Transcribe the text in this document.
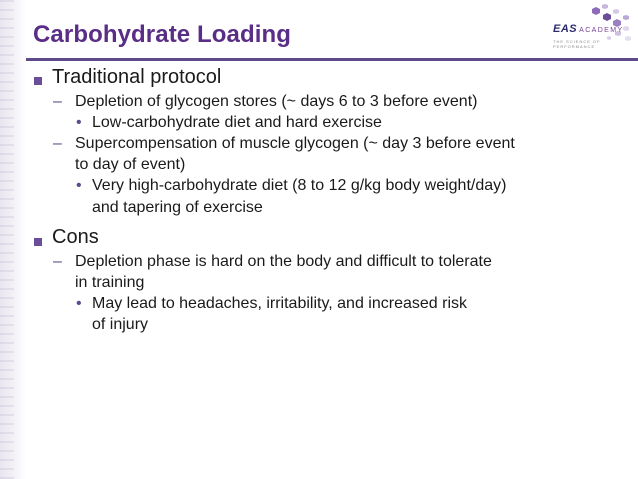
Carbohydrate Loading	EAS ACADEMY
THE SCIENCE OF PERFORMANCE
Traditional protocol
– Depletion of glycogen stores (~ days 6 to 3 before event)
• Low-carbohydrate diet and hard exercise
– Supercompensation of muscle glycogen (~ day 3 before event
to day of event)
• Very high-carbohydrate diet (8 to 12 g/kg body weight/day)
and tapering of exercise
Cons
– Depletion phase is hard on the body and difficult to tolerate
in training
• May lead to headaches, irritability, and increased risk
of injury
